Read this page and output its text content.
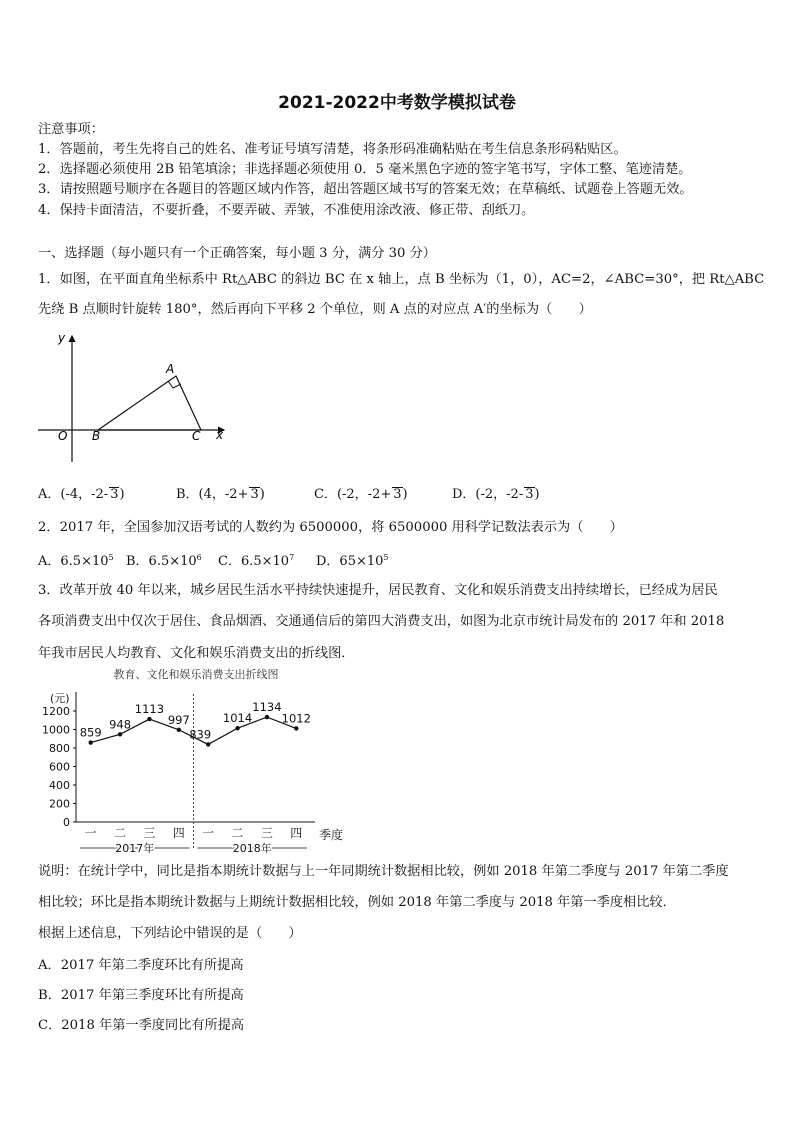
2021-2022中考数学模拟试卷
注意事项：
1．答题前，考生先将自己的姓名、准考证号填写清楚，将条形码准确粘贴在考生信息条形码粘贴区。
2．选择题必须使用 2B 铅笔填涂；非选择题必须使用 0．5 毫米黑色字迹的签字笔书写，字体工整、笔迹清楚。
3．请按照题号顺序在各题目的答题区域内作答，超出答题区域书写的答案无效；在草稿纸、试题卷上答题无效。
4．保持卡面清洁，不要折叠，不要弄破、弄皱，不准使用涂改液、修正带、刮纸刀。
一、选择题（每小题只有一个正确答案，每小题 3 分，满分 30 分）
1．如图，在平面直角坐标系中 Rt△ABC 的斜边 BC 在 x 轴上，点 B 坐标为（1，0），AC=2，∠ABC=30°，把 Rt△ABC
先绕 B 点顺时针旋转 180°，然后再向下平移 2 个单位，则 A 点的对应点 A′的坐标为（　　）
y
A
O B	C x
A．(-4，-2- 3)	B．(4，-2+ 3)	C．(-2，-2+ 3)	D．(-2，-2- 3)
2．2017 年，全国参加汉语考试的人数约为 6500000，将 6500000 用科学记数法表示为（　　）
A．$6.5\times 10^5$ B．$6.5\times 10^6$ C．$6.5\times 10^7$ D．$65\times 10^5$
3．改革开放 40 年以来，城乡居民生活水平持续快速提升，居民教育、文化和娱乐消费支出持续增长，已经成为居民
各项消费支出中仅次于居住、食品烟酒、交通通信后的第四大消费支出，如图为北京市统计局发布的 2017 年和 2018
年我市居民人均教育、文化和娱乐消费支出的折线图．
教育、文化和娱乐消费支出折线图
(元)
0
200
400
600
800
1000
1200
一 二 三 四 一 二 三 四 季度
2017年	2018年
859
948
1113
997
839
1014
1134
1012
说明：在统计学中，同比是指本期统计数据与上一年同期统计数据相比较，例如 2018 年第二季度与 2017 年第二季度
相比较；环比是指本期统计数据与上期统计数据相比较，例如 2018 年第二季度与 2018 年第一季度相比较．
根据上述信息，下列结论中错误的是（　　）
A．2017 年第二季度环比有所提高
B．2017 年第三季度环比有所提高
C．2018 年第一季度同比有所提高
